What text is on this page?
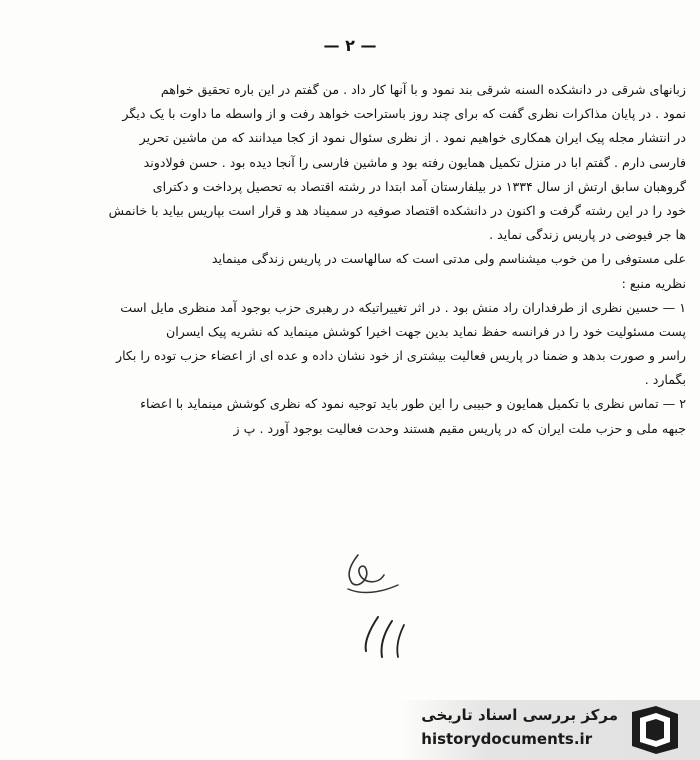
— ۲ —
زبانهای شرقی در دانشکده السنه شرقی بند نمود و با آنها کار داد . من گفتم در این باره تحقیق خواهم
نمود . در پایان مذاکرات نظری گفت که برای چند روز باستراحت خواهد رفت و از واسطه ما داوت با یک دیگر
در انتشار مجله پیک ایران همکاری خواهیم نمود . از نظری سئوال نمود از کجا میدانند که من ماشین تحریر
فارسی دارم . گفتم ابا در منزل تکمیل همایون رفته بود و ماشین فارسی را آنجا دیده بود . حسن فولادوند
گروهبان سابق ارتش از سال ۱۳۳۴ در بیلفارستان آمد ابتدا در رشته اقتصاد به تحصیل پرداخت و دکترای
خود را در این رشته گرفت و اکنون در دانشکده اقتصاد صوفیه در سمیناد هد و قرار است بپاریس بیاید با خانمش
ها جر فیوضی در پاریس زندگی نماید .
علی مستوفی را من خوب میشناسم ولی مدتی است که سالهاست در پاریس زندگی مینماید
نظریه منبع :
۱ — حسین نظری از طرفداران راد منش بود . در اثر تغییراتیکه در رهبری حزب بوجود آمد منظری مایل است
پست مسئولیت خود را در فرانسه حفظ نماید بدین جهت اخیرا کوشش مینماید که نشریه پیک ایسران
راسر و صورت بدهد و ضمنا در پاریس فعالیت بیشتری از خود نشان داده و عده ای از اعضاء حزب توده را بکار
بگمارد .
۲ — تماس نظری با تکمیل همایون و حبیبی را این طور باید توجیه نمود که نظری کوشش مینماید با اعضاء
جبهه ملی و حزب ملت ایران که در پاریس مقیم هستند وحدت فعالیت بوجود آورد . پ ز
مرکز بررسی اسناد تاریخی
historydocuments.ir
